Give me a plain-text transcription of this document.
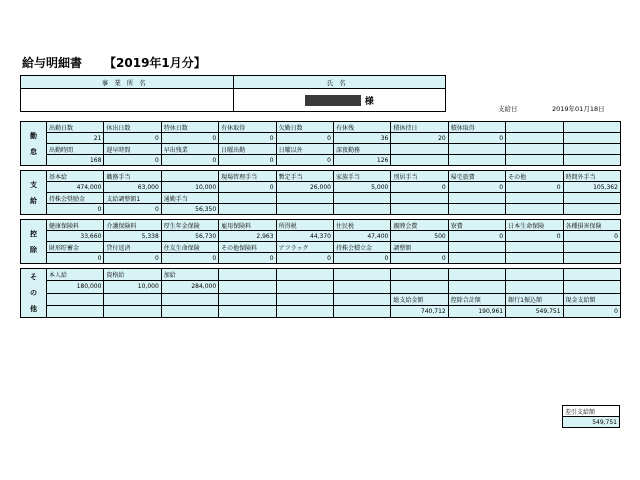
給与明細書 【2019年1月分】
事業所名	氏名
	様
支給日	2019年01月18日
勤
怠	出勤日数	休出日数	特休日数	有休取得	欠勤日数	有休残	積休持日	積休取得		
	21	0	0	0	0	36	20	0		
	出勤時間	遅早時間	早出残業	日曜出勤	日曜以外	深夜勤務				
	168	0	0	0	0	126				

支
給	基本給	職務手当		現場管理手当	暫定手当	家族手当	別居手当	帰宅旅費	その他	時間外手当
	474,000	63,000	10,000	0	26,000	5,000	0	0	0	105,362
	持株会奨励金	支給調整額1	通勤手当							
	0	0	56,350							

控
除	健康保険料	介護保険料	厚生年金保険	雇用保険料	所得税	住民税	親睦会費	寮費	日本生命保険	各種損害保険
	33,660	5,338	56,730	2,963	44,370	47,400	500	0	0	0
	財形貯蓄金	貸付返済	住友生命保険	その他保険料	アフラック	持株会積立金	調整額			
	0	0	0	0	0	0	0			

そ
の
他	本人給	資格給	加給							
	180,000	10,000	284,000							
							総支給金額	控除合計額	銀行1振込額	現金支給額
							740,712	190,961	549,751	0
差引支給額
549,751
